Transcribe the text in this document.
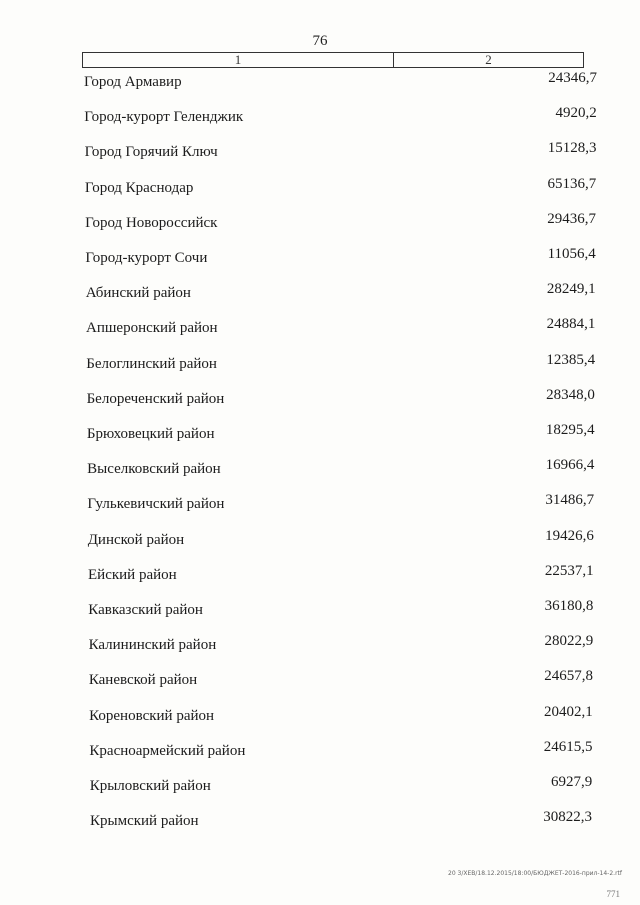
76
1	2
Город Армавир	24346,7
Город-курорт Геленджик	4920,2
Город Горячий Ключ	15128,3
Город Краснодар	65136,7
Город Новороссийск	29436,7
Город-курорт Сочи	11056,4
Абинский район	28249,1
Апшеронский район	24884,1
Белоглинский район	12385,4
Белореченский район	28348,0
Брюховецкий район	18295,4
Выселковский район	16966,4
Гулькевичский район	31486,7
Динской район	19426,6
Ейский район	22537,1
Кавказский район	36180,8
Калининский район	28022,9
Каневской район	24657,8
Кореновский район	20402,1
Красноармейский район	24615,5
Крыловский район	6927,9
Крымский район	30822,3
20 3/ХЕВ/18.12.2015/18:00/БЮДЖЕТ-2016-прил-14-2.rtf
771
